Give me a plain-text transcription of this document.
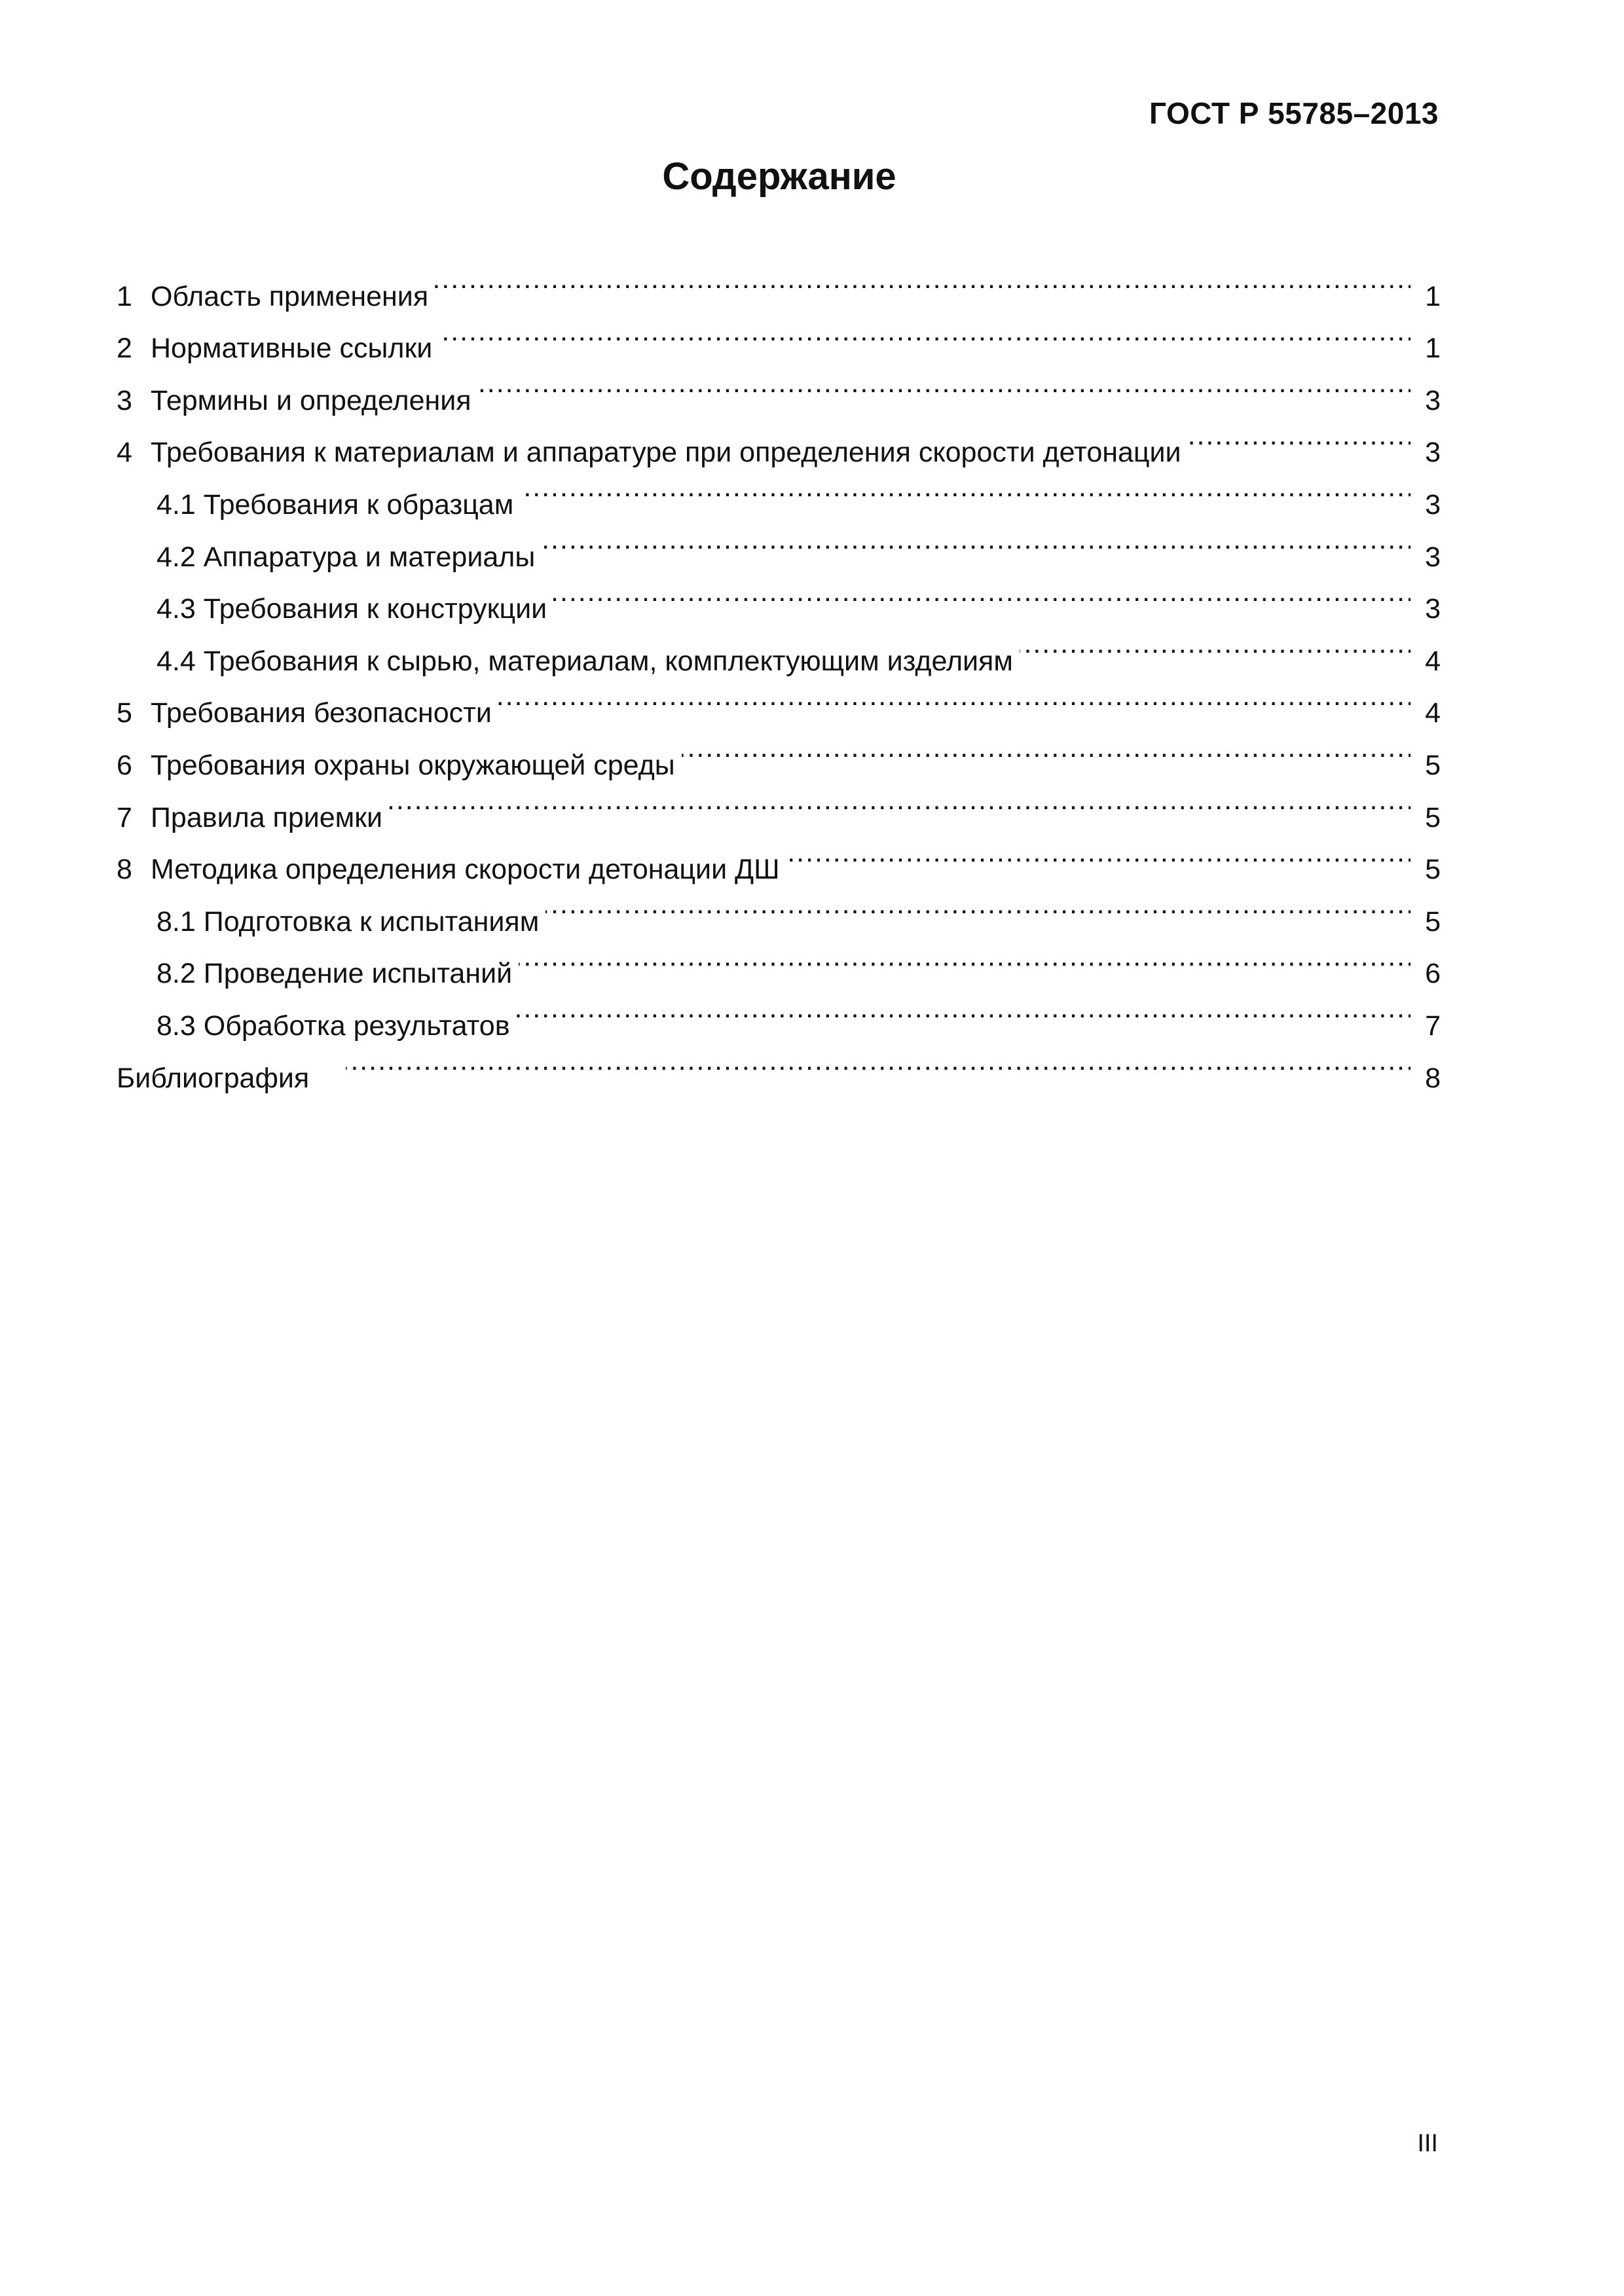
ГОСТ Р 55785–2013
Содержание
1 Область применения . . .	1
2 Нормативные ссылки . . .	1
3 Термины и определения . . .	3
4 Требования к материалам и аппаратуре при определения скорости детонации . . .	3
4.1 Требования к образцам . . .	3
4.2 Аппаратура и материалы . . .	3
4.3 Требования к конструкции . . .	3
4.4 Требования к сырью, материалам, комплектующим изделиям . . .	4
5 Требования безопасности . . .	4
6 Требования охраны окружающей среды . . .	5
7 Правила приемки . . .	5
8 Методика определения скорости детонации ДШ . . .	5
8.1 Подготовка к испытаниям . . .	5
8.2 Проведение испытаний . . .	6
8.3 Обработка результатов . . .	7
Библиография . . .	8
III
